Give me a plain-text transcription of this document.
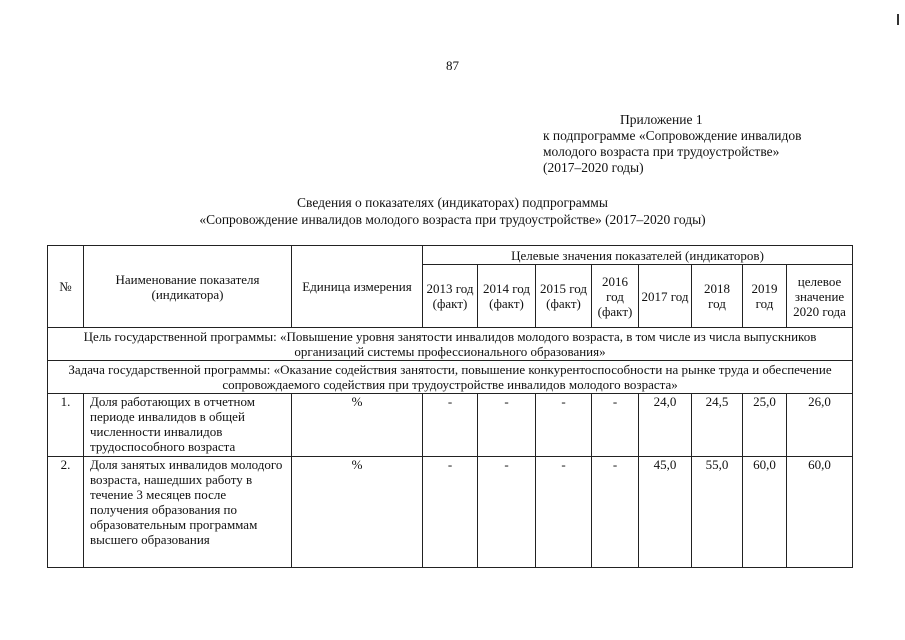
87
Приложение 1
к подпрограмме «Сопровождение инвалидов
молодого возраста при трудоустройстве»
(2017–2020 годы)
Сведения о показателях (индикаторах) подпрограммы
«Сопровождение инвалидов молодого возраста при трудоустройстве» (2017–2020 годы)
№	Наименование показателя (индикатора)	Единица измерения	Целевые значения показателей (индикаторов)							
			2013 год (факт)	2014 год (факт)	2015 год (факт)	2016 год (факт)	2017 год	2018 год	2019 год	целевое значение 2020 года
Цель государственной программы: «Повышение уровня занятости инвалидов молодого возраста, в том числе из числа выпускников организаций системы профессионального образования»										
Задача государственной программы: «Оказание содействия занятости, повышение конкурентоспособности на рынке труда и обеспечение сопровождаемого содействия при трудоустройстве инвалидов молодого возраста»										
1.	Доля работающих в отчетном периоде инвалидов в общей численности инвалидов трудоспособного возраста	%	-	-	-	-	24,0	24,5	25,0	26,0
2.	Доля занятых инвалидов молодого возраста, нашедших работу в течение 3 месяцев после получения образования по образовательным программам высшего образования	%	-	-	-	-	45,0	55,0	60,0	60,0
